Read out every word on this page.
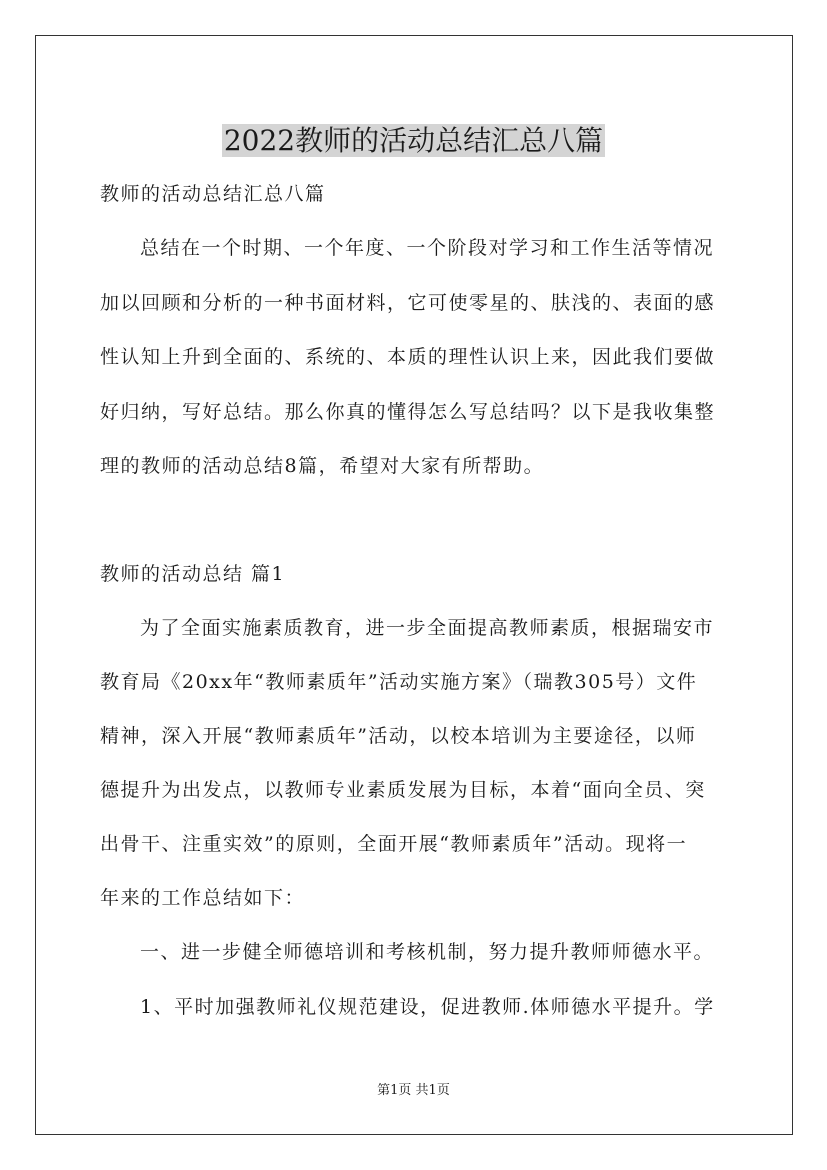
2022教师的活动总结汇总八篇
教师的活动总结汇总八篇
总结在一个时期、一个年度、一个阶段对学习和工作生活等情况
加以回顾和分析的一种书面材料，它可使零星的、肤浅的、表面的感
性认知上升到全面的、系统的、本质的理性认识上来，因此我们要做
好归纳，写好总结。那么你真的懂得怎么写总结吗？以下是我收集整
理的教师的活动总结8篇，希望对大家有所帮助。
教师的活动总结 篇1
为了全面实施素质教育，进一步全面提高教师素质，根据瑞安市
教育局《20xx年“教师素质年”活动实施方案》（瑞教305号）文件
精神，深入开展“教师素质年”活动，以校本培训为主要途径，以师
德提升为出发点，以教师专业素质发展为目标，本着“面向全员、突
出骨干、注重实效”的原则，全面开展“教师素质年”活动。现将一
年来的工作总结如下：
一、进一步健全师德培训和考核机制，努力提升教师师德水平。
1、平时加强教师礼仪规范建设，促进教师.体师德水平提升。学
第1页 共1页
